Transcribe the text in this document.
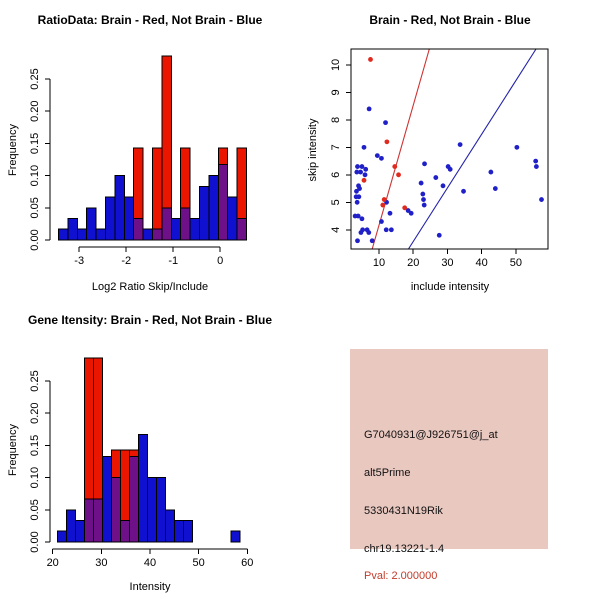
RatioData: Brain - Red, Not Brain - Blue
Frequency
-3	-2	-1	0
0.00
0.05
0.10
0.15
0.20
0.25
Log2 Ratio Skip/Include
Brain - Red, Not Brain - Blue
skip intensity
10 20 30 40 50
4
5
6
7
8
9
10
include intensity
Gene Itensity: Brain - Red, Not Brain - Blue
Frequency
20	30	40	50	60
0.00
0.05
0.10
0.15
0.20
0.25
Intensity
G7040931@J926751@j_at
alt5Prime
5330431N19Rik
chr19.13221-1.4
Pval: 2.000000
